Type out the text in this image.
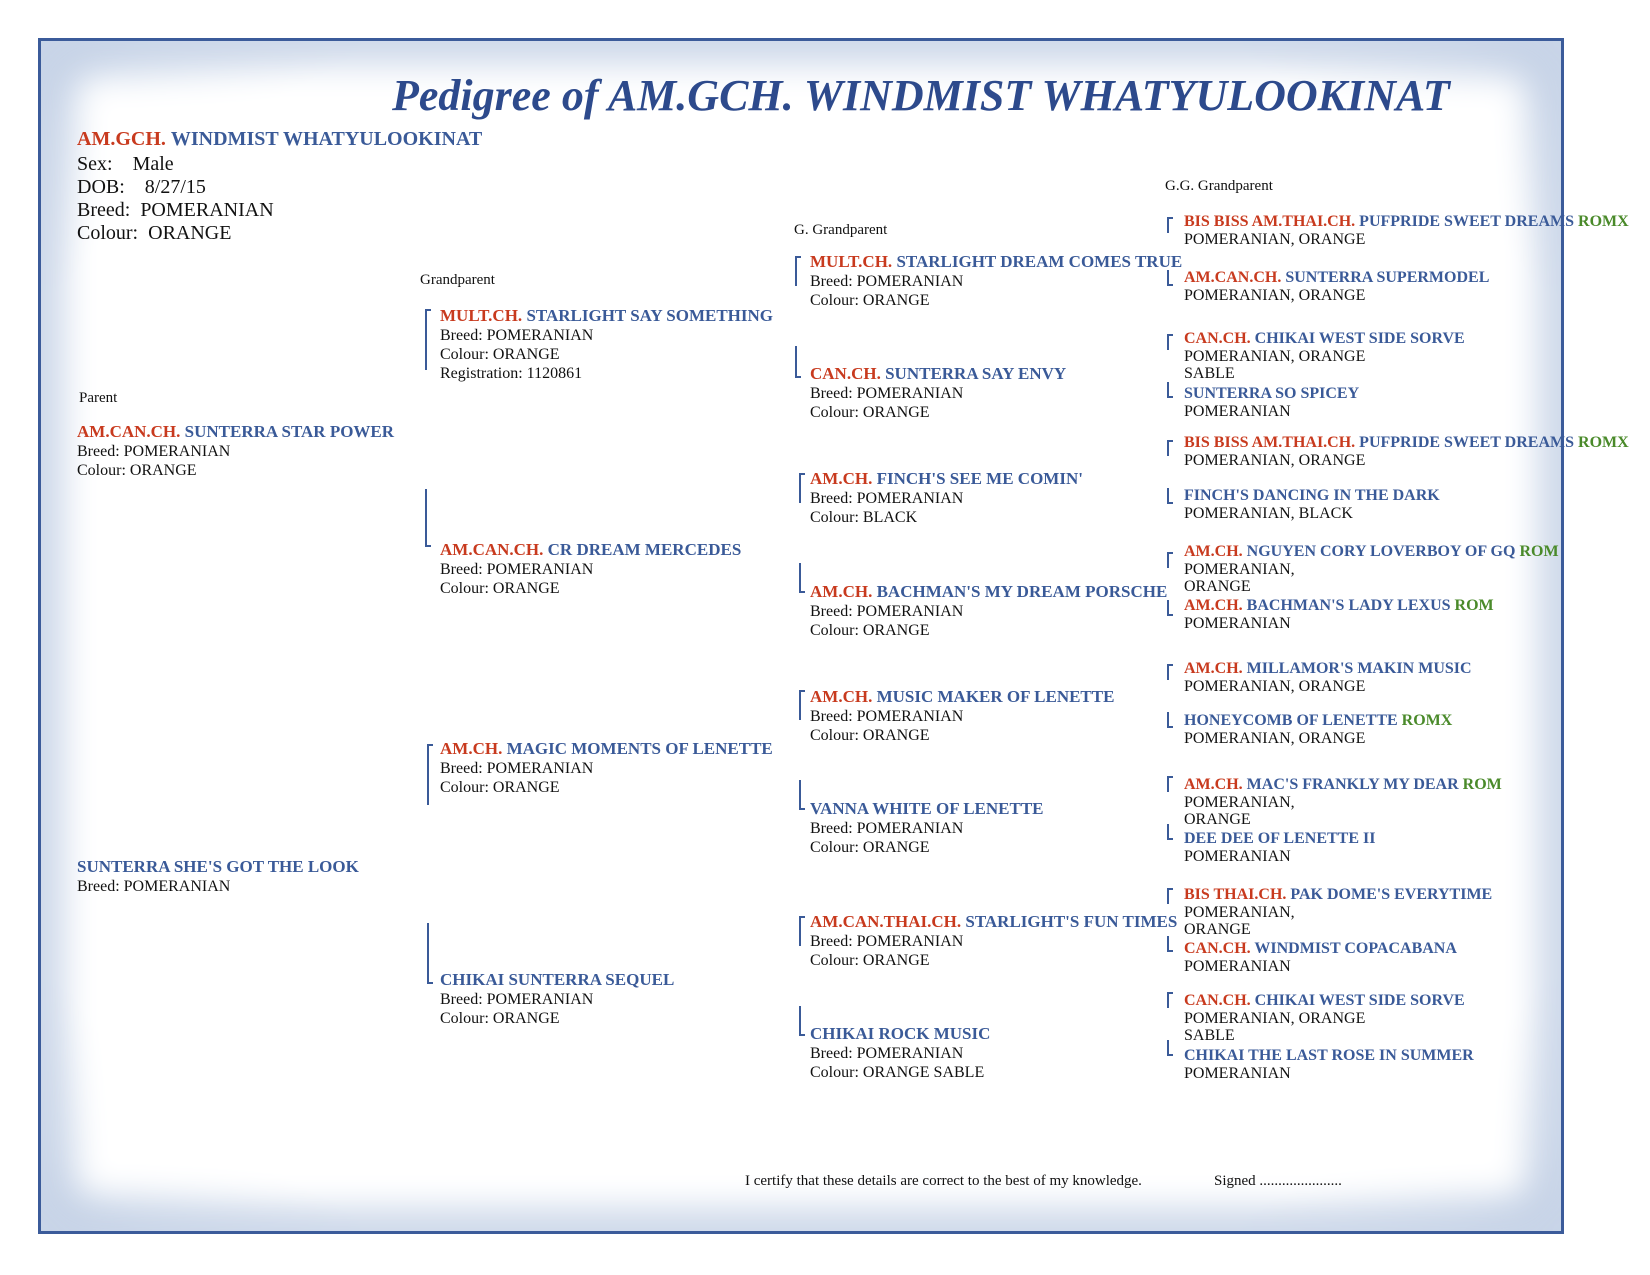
Pedigree of AM.GCH. WINDMIST WHATYULOOKINAT
AM.GCH. WINDMIST WHATYULOOKINAT
Sex: Male
DOB: 8/27/15
Breed: POMERANIAN
Colour: ORANGE
Parent
Grandparent
G. Grandparent
G.G. Grandparent
AM.CAN.CH. SUNTERRA STAR POWER
Breed: POMERANIAN
Colour: ORANGE
SUNTERRA SHE'S GOT THE LOOK
Breed: POMERANIAN
MULT.CH. STARLIGHT SAY SOMETHING
Breed: POMERANIAN
Colour: ORANGE
Registration: 1120861
AM.CAN.CH. CR DREAM MERCEDES
Breed: POMERANIAN
Colour: ORANGE
AM.CH. MAGIC MOMENTS OF LENETTE
Breed: POMERANIAN
Colour: ORANGE
CHIKAI SUNTERRA SEQUEL
Breed: POMERANIAN
Colour: ORANGE
MULT.CH. STARLIGHT DREAM COMES TRUE
Breed: POMERANIAN
Colour: ORANGE
CAN.CH. SUNTERRA SAY ENVY
Breed: POMERANIAN
Colour: ORANGE
AM.CH. FINCH'S SEE ME COMIN'
Breed: POMERANIAN
Colour: BLACK
AM.CH. BACHMAN'S MY DREAM PORSCHE
Breed: POMERANIAN
Colour: ORANGE
AM.CH. MUSIC MAKER OF LENETTE
Breed: POMERANIAN
Colour: ORANGE
VANNA WHITE OF LENETTE
Breed: POMERANIAN
Colour: ORANGE
AM.CAN.THAI.CH. STARLIGHT'S FUN TIMES
Breed: POMERANIAN
Colour: ORANGE
CHIKAI ROCK MUSIC
Breed: POMERANIAN
Colour: ORANGE SABLE
BIS BISS AM.THAI.CH. PUFPRIDE SWEET DREAMS ROMX
POMERANIAN, ORANGE
AM.CAN.CH. SUNTERRA SUPERMODEL
POMERANIAN, ORANGE
CAN.CH. CHIKAI WEST SIDE SORVE
POMERANIAN, ORANGE
SABLE
SUNTERRA SO SPICEY
POMERANIAN
BIS BISS AM.THAI.CH. PUFPRIDE SWEET DREAMS ROMX
POMERANIAN, ORANGE
FINCH'S DANCING IN THE DARK
POMERANIAN, BLACK
AM.CH. NGUYEN CORY LOVERBOY OF GQ ROM
POMERANIAN,
ORANGE
AM.CH. BACHMAN'S LADY LEXUS ROM
POMERANIAN
AM.CH. MILLAMOR'S MAKIN MUSIC
POMERANIAN, ORANGE
HONEYCOMB OF LENETTE ROMX
POMERANIAN, ORANGE
AM.CH. MAC'S FRANKLY MY DEAR ROM
POMERANIAN,
ORANGE
DEE DEE OF LENETTE II
POMERANIAN
BIS THAI.CH. PAK DOME'S EVERYTIME
POMERANIAN,
ORANGE
CAN.CH. WINDMIST COPACABANA
POMERANIAN
CAN.CH. CHIKAI WEST SIDE SORVE
POMERANIAN, ORANGE
SABLE
CHIKAI THE LAST ROSE IN SUMMER
POMERANIAN
I certify that these details are correct to the best of my knowledge.	Signed ......................
